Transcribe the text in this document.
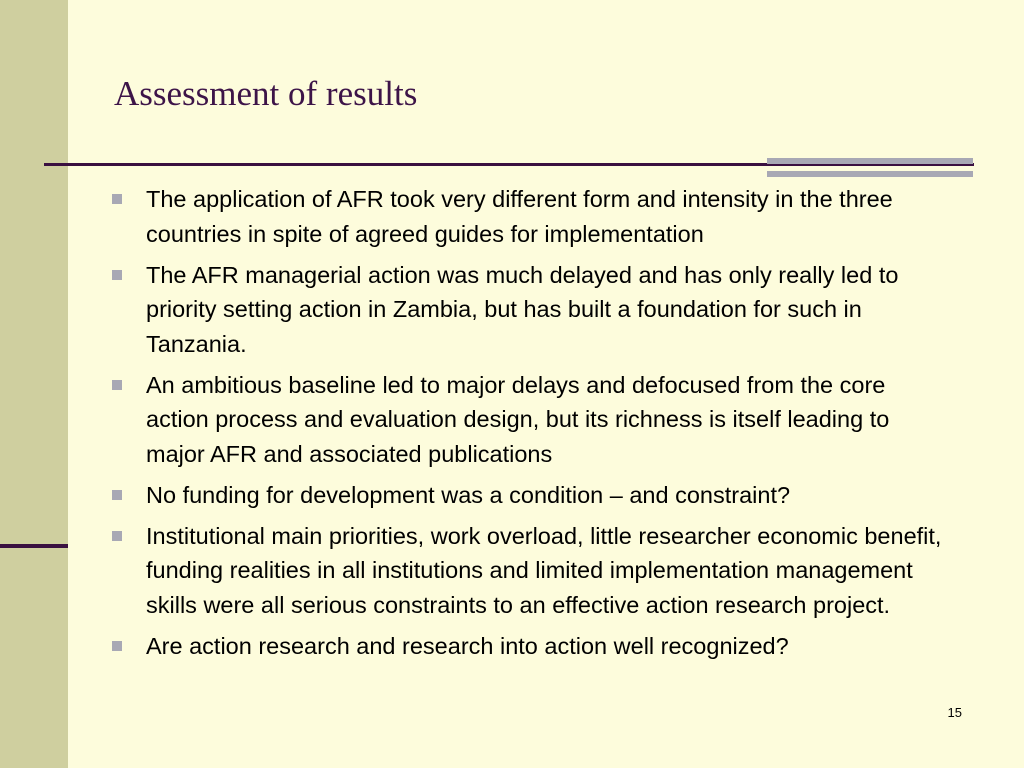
Assessment of results
The application of AFR took very different form and intensity in the three countries in spite of agreed guides for implementation
The AFR managerial action was much delayed and has only really led to priority setting action in Zambia, but has built a foundation for such in Tanzania.
An ambitious baseline led to major delays and defocused from the core action process and evaluation design, but its richness is itself leading to major AFR and associated publications
No funding for development was a condition – and constraint?
Institutional main priorities, work overload, little researcher economic benefit, funding realities in all institutions and limited implementation management skills were all serious constraints to an effective action research project.
Are action research and research into action well recognized?
15
